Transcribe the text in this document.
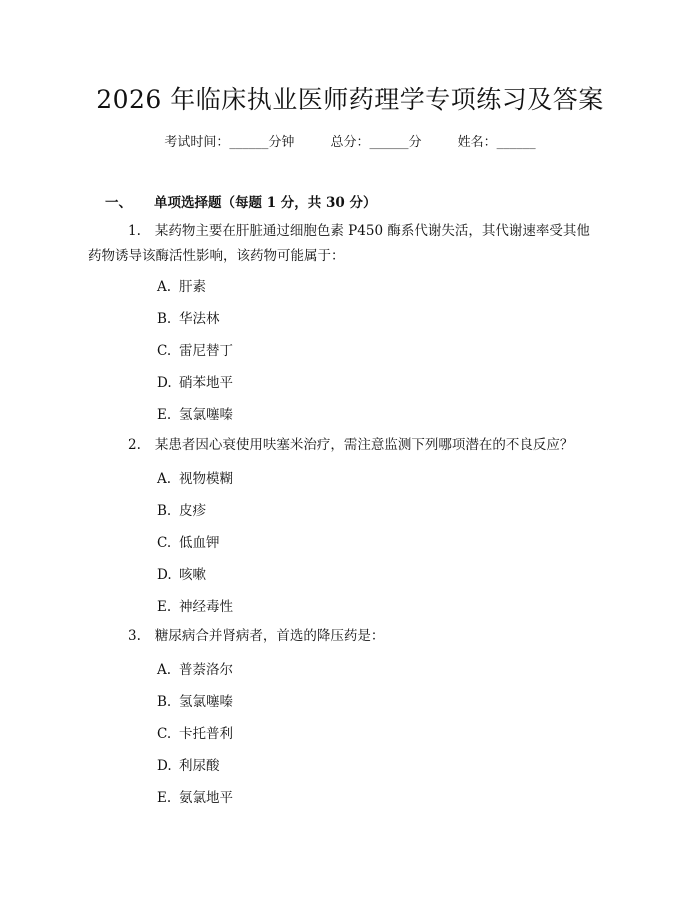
2026 年临床执业医师药理学专项练习及答案
考试时间：______分钟	总分：______分	姓名：______
一、 单项选择题（每题 1 分，共 30 分）
1. 某药物主要在肝脏通过细胞色素 P450 酶系代谢失活，其代谢速率受其他药物诱导该酶活性影响，该药物可能属于：
A. 肝素
B. 华法林
C. 雷尼替丁
D. 硝苯地平
E. 氢氯噻嗪
2. 某患者因心衰使用呋塞米治疗，需注意监测下列哪项潜在的不良反应？
A. 视物模糊
B. 皮疹
C. 低血钾
D. 咳嗽
E. 神经毒性
3. 糖尿病合并肾病者，首选的降压药是：
A. 普萘洛尔
B. 氢氯噻嗪
C. 卡托普利
D. 利尿酸
E. 氨氯地平
